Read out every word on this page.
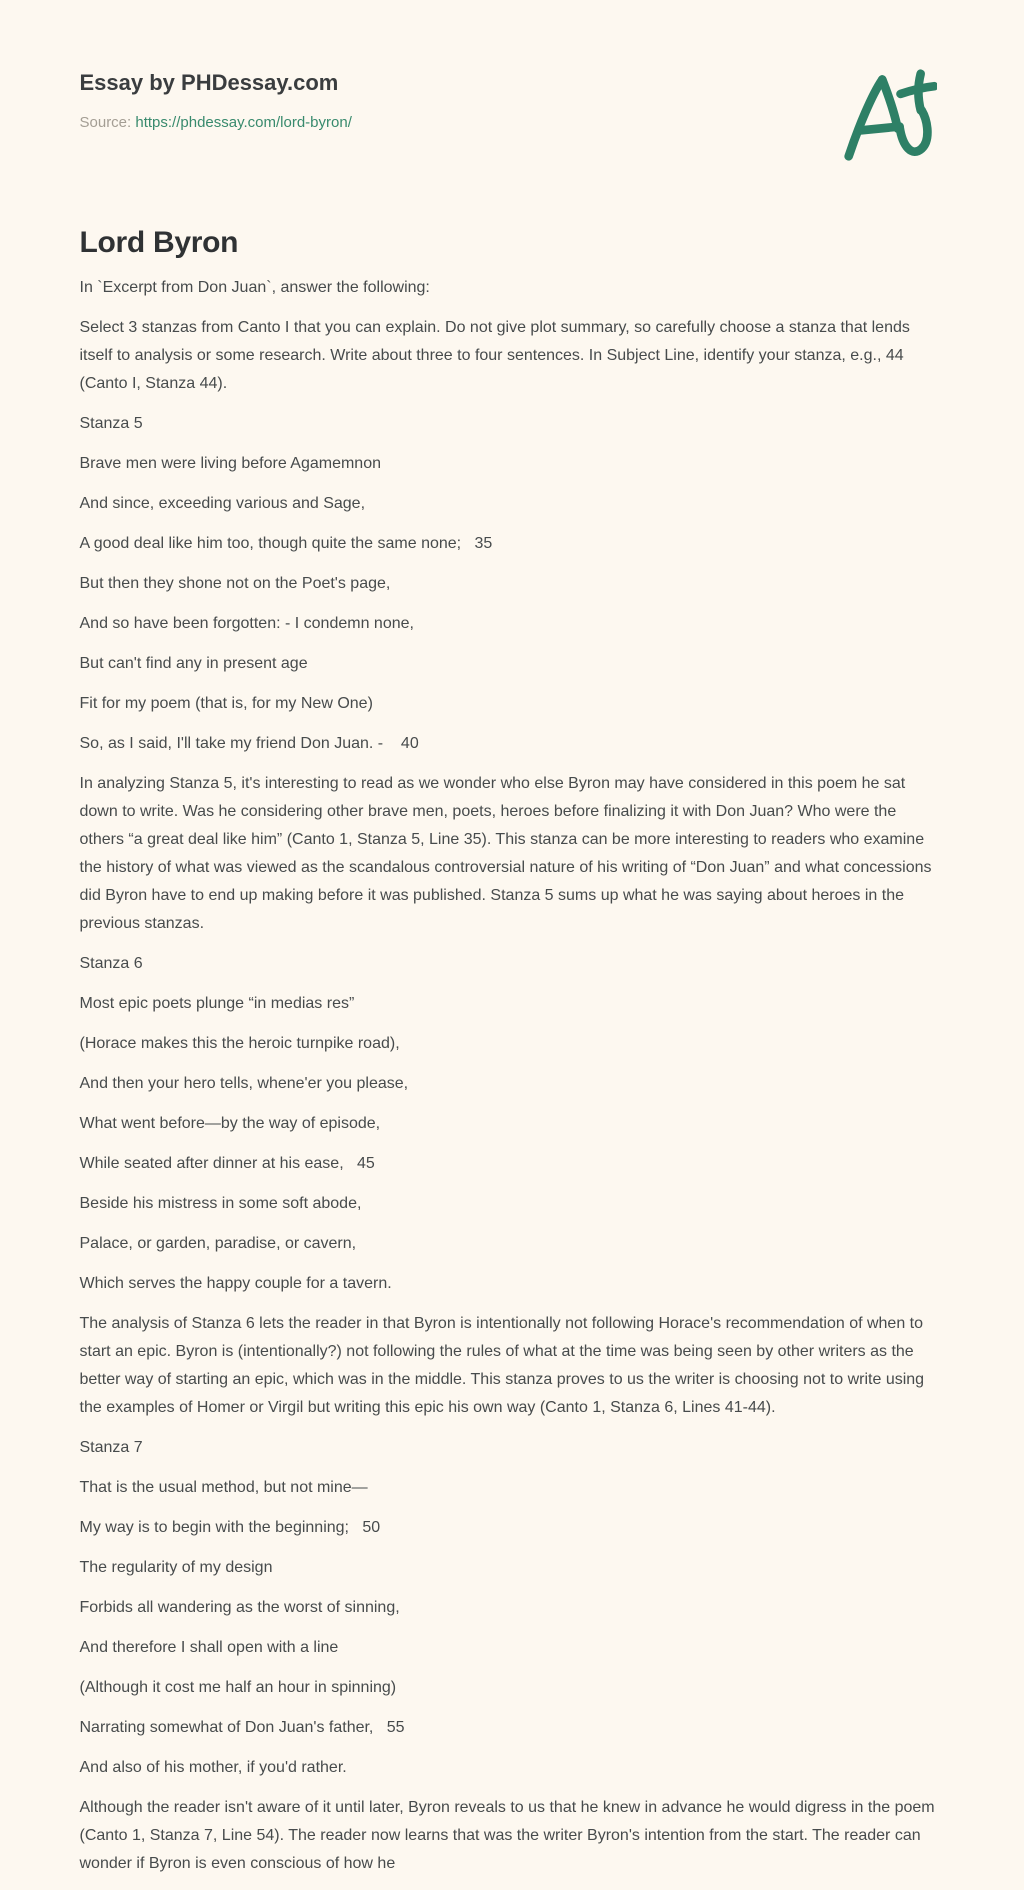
Essay by PHDessay.com

Source: https://phdessay.com/lord-byron/
Lord Byron

In `Excerpt from Don Juan`, answer the following:

Select 3 stanzas from Canto I that you can explain. Do not give plot summary, so carefully choose a stanza that lends itself to analysis or some research. Write about three to four sentences. In Subject Line, identify your stanza, e.g., 44 (Canto I, Stanza 44).

Stanza 5

Brave men were living before Agamemnon

And since, exceeding various and Sage,

A good deal like him too, though quite the same none;   35

But then they shone not on the Poet's page,

And so have been forgotten: - I condemn none,

But can't find any in present age

Fit for my poem (that is, for my New One)

So, as I said, I'll take my friend Don Juan. -    40

In analyzing Stanza 5, it's interesting to read as we wonder who else Byron may have considered in this poem he sat down to write. Was he considering other brave men, poets, heroes before finalizing it with Don Juan? Who were the others “a great deal like him” (Canto 1, Stanza 5, Line 35). This stanza can be more interesting to readers who examine the history of what was viewed as the scandalous controversial nature of his writing of “Don Juan” and what concessions did Byron have to end up making before it was published. Stanza 5 sums up what he was saying about heroes in the previous stanzas.

Stanza 6

Most epic poets plunge “in medias res”

(Horace makes this the heroic turnpike road),

And then your hero tells, whene'er you please,

What went before—by the way of episode,

While seated after dinner at his ease,   45

Beside his mistress in some soft abode,

Palace, or garden, paradise, or cavern,

Which serves the happy couple for a tavern.

The analysis of Stanza 6 lets the reader in that Byron is intentionally not following Horace's recommendation of when to start an epic. Byron is (intentionally?) not following the rules of what at the time was being seen by other writers as the better way of starting an epic, which was in the middle. This stanza proves to us the writer is choosing not to write using the examples of Homer or Virgil but writing this epic his own way (Canto 1, Stanza 6, Lines 41-44).

Stanza 7

That is the usual method, but not mine—

My way is to begin with the beginning;   50

The regularity of my design

Forbids all wandering as the worst of sinning,

And therefore I shall open with a line

(Although it cost me half an hour in spinning)

Narrating somewhat of Don Juan's father,   55

And also of his mother, if you'd rather.

Although the reader isn't aware of it until later, Byron reveals to us that he knew in advance he would digress in the poem (Canto 1, Stanza 7, Line 54). The reader now learns that was the writer Byron's intention from the start. The reader can wonder if Byron is even conscious of how he
